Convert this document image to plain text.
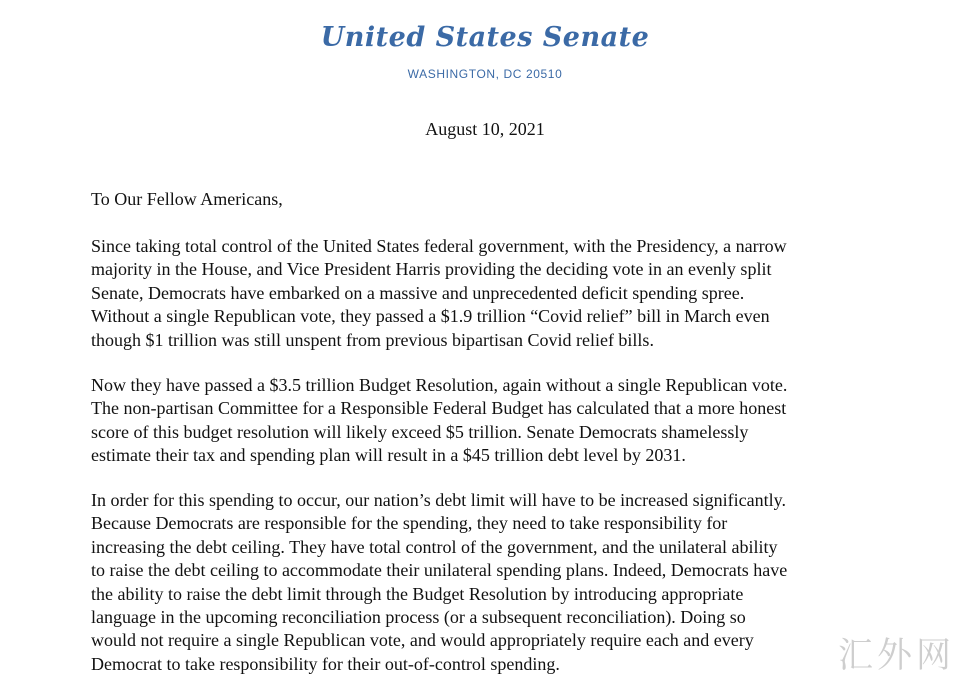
United States Senate
WASHINGTON, DC 20510
August 10, 2021
To Our Fellow Americans,
Since taking total control of the United States federal government, with the Presidency, a narrow
majority in the House, and Vice President Harris providing the deciding vote in an evenly split
Senate, Democrats have embarked on a massive and unprecedented deficit spending spree.
Without a single Republican vote, they passed a $1.9 trillion “Covid relief” bill in March even
though $1 trillion was still unspent from previous bipartisan Covid relief bills.
Now they have passed a $3.5 trillion Budget Resolution, again without a single Republican vote.
The non-partisan Committee for a Responsible Federal Budget has calculated that a more honest
score of this budget resolution will likely exceed $5 trillion. Senate Democrats shamelessly
estimate their tax and spending plan will result in a $45 trillion debt level by 2031.
In order for this spending to occur, our nation’s debt limit will have to be increased significantly.
Because Democrats are responsible for the spending, they need to take responsibility for
increasing the debt ceiling. They have total control of the government, and the unilateral ability
to raise the debt ceiling to accommodate their unilateral spending plans. Indeed, Democrats have
the ability to raise the debt limit through the Budget Resolution by introducing appropriate
language in the upcoming reconciliation process (or a subsequent reconciliation). Doing so
would not require a single Republican vote, and would appropriately require each and every
Democrat to take responsibility for their out-of-control spending.	汇外网
